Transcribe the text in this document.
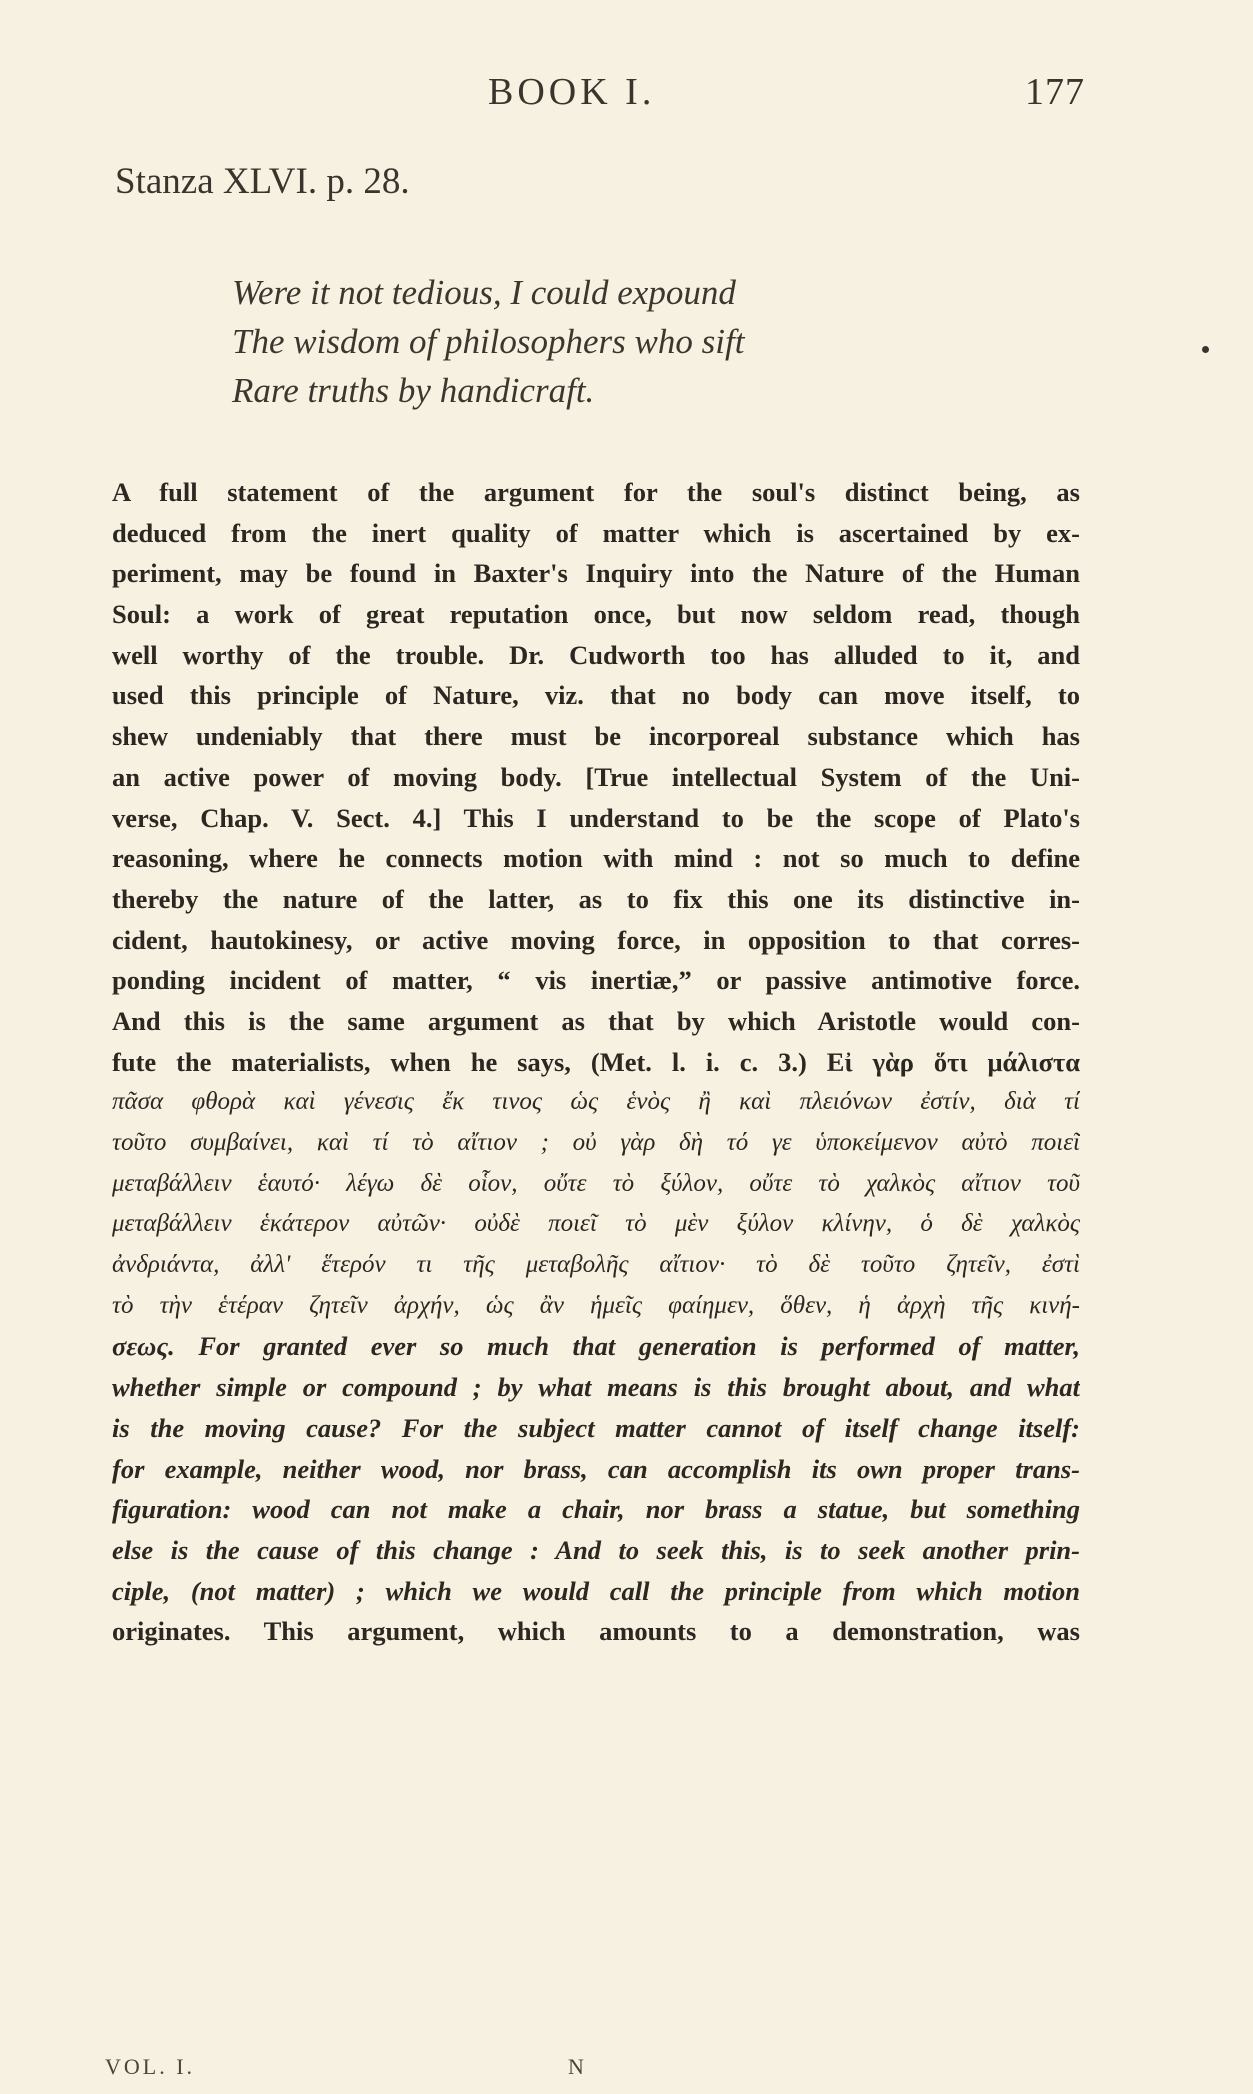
BOOK I.	177
Stanza XLVI. p. 28.
Were it not tedious, I could expound
The wisdom of philosophers who sift
Rare truths by handicraft.
A full statement of the argument for the soul's distinct being, as
deduced from the inert quality of matter which is ascertained by ex-
periment, may be found in Baxter's Inquiry into the Nature of the Human
Soul: a work of great reputation once, but now seldom read, though
well worthy of the trouble. Dr. Cudworth too has alluded to it, and
used this principle of Nature, viz. that no body can move itself, to
shew undeniably that there must be incorporeal substance which has
an active power of moving body. [True intellectual System of the Uni-
verse, Chap. V. Sect. 4.] This I understand to be the scope of Plato's
reasoning, where he connects motion with mind : not so much to define
thereby the nature of the latter, as to fix this one its distinctive in-
cident, hautokinesy, or active moving force, in opposition to that corres-
ponding incident of matter, “ vis inertiæ,” or passive antimotive force.
And this is the same argument as that by which Aristotle would con-
fute the materialists, when he says, (Met. l. i. c. 3.) Εἰ γὰρ ὅτι μάλιστα
πᾶσα φθορὰ καὶ γένεσις ἔκ τινος ὡς ἑνὸς ἢ καὶ πλειόνων ἐστίν, διὰ τί
τοῦτο συμβαίνει, καὶ τί τὸ αἴτιον ; οὐ γὰρ δὴ τό γε ὑποκείμενον αὐτὸ ποιεῖ
μεταβάλλειν ἑαυτό· λέγω δὲ οἷον, οὔτε τὸ ξύλον, οὔτε τὸ χαλκὸς αἴτιον τοῦ
μεταβάλλειν ἑκάτερον αὐτῶν· οὐδὲ ποιεῖ τὸ μὲν ξύλον κλίνην, ὁ δὲ χαλκὸς
ἀνδριάντα, ἀλλ' ἕτερόν τι τῆς μεταβολῆς αἴτιον· τὸ δὲ τοῦτο ζητεῖν, ἐστὶ
τὸ τὴν ἑτέραν ζητεῖν ἀρχήν, ὡς ἂν ἡμεῖς φαίημεν, ὅθεν, ἡ ἀρχὴ τῆς κινή-
σεως. For granted ever so much that generation is performed of matter,
whether simple or compound ; by what means is this brought about, and what
is the moving cause? For the subject matter cannot of itself change itself:
for example, neither wood, nor brass, can accomplish its own proper trans-
figuration: wood can not make a chair, nor brass a statue, but something
else is the cause of this change : And to seek this, is to seek another prin-
ciple, (not matter) ; which we would call the principle from which motion
originates. This argument, which amounts to a demonstration, was
VOL. I.	N
